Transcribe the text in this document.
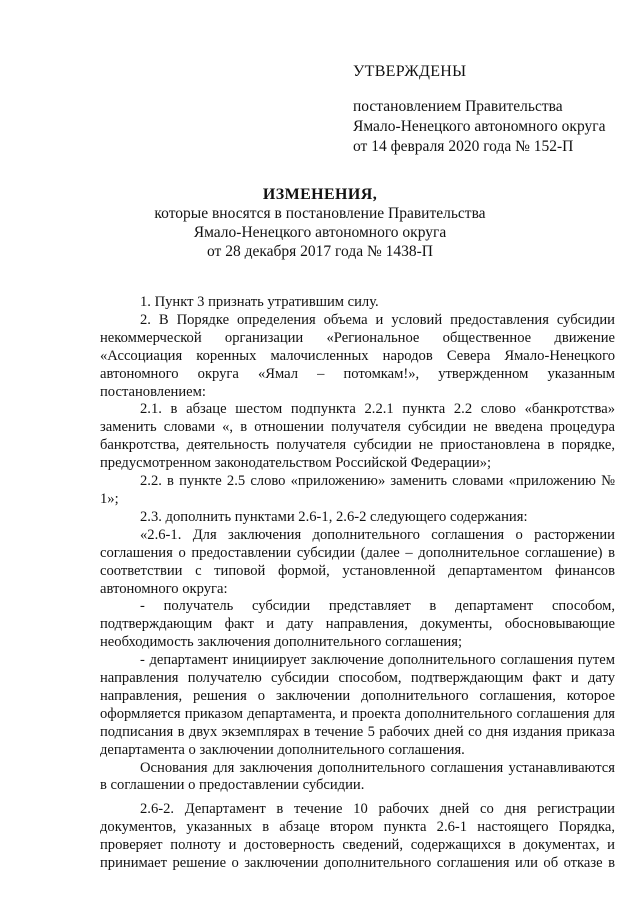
УТВЕРЖДЕНЫ
постановлением Правительства
Ямало-Ненецкого автономного округа
от 14 февраля 2020 года № 152-П
ИЗМЕНЕНИЯ,
которые вносятся в постановление Правительства
Ямало-Ненецкого автономного округа
от 28 декабря 2017 года № 1438-П

1. Пункт 3 признать утратившим силу.

2. В Порядке определения объема и условий предоставления субсидии некоммерческой организации «Региональное общественное движение «Ассоциация коренных малочисленных народов Севера Ямало-Ненецкого автономного округа «Ямал – потомкам!», утвержденном указанным постановлением:

2.1. в абзаце шестом подпункта 2.2.1 пункта 2.2 слово «банкротства» заменить словами «, в отношении получателя субсидии не введена процедура банкротства, деятельность получателя субсидии не приостановлена в порядке, предусмотренном законодательством Российской Федерации»;

2.2. в пункте 2.5 слово «приложению» заменить словами «приложению № 1»;

2.3. дополнить пунктами 2.6-1, 2.6-2 следующего содержания:

«2.6-1. Для заключения дополнительного соглашения о расторжении соглашения о предоставлении субсидии (далее – дополнительное соглашение) в соответствии с типовой формой, установленной департаментом финансов автономного округа:

- получатель субсидии представляет в департамент способом, подтверждающим факт и дату направления, документы, обосновывающие необходимость заключения дополнительного соглашения;

- департамент инициирует заключение дополнительного соглашения путем направления получателю субсидии способом, подтверждающим факт и дату направления, решения о заключении дополнительного соглашения, которое оформляется приказом департамента, и проекта дополнительного соглашения для подписания в двух экземплярах в течение 5 рабочих дней со дня издания приказа департамента о заключении дополнительного соглашения.

Основания для заключения дополнительного соглашения устанавливаются в соглашении о предоставлении субсидии.

2.6-2. Департамент в течение 10 рабочих дней со дня регистрации документов, указанных в абзаце втором пункта 2.6-1 настоящего Порядка, проверяет полноту и достоверность сведений, содержащихся в документах, и принимает решение о заключении дополнительного соглашения или об отказе в
